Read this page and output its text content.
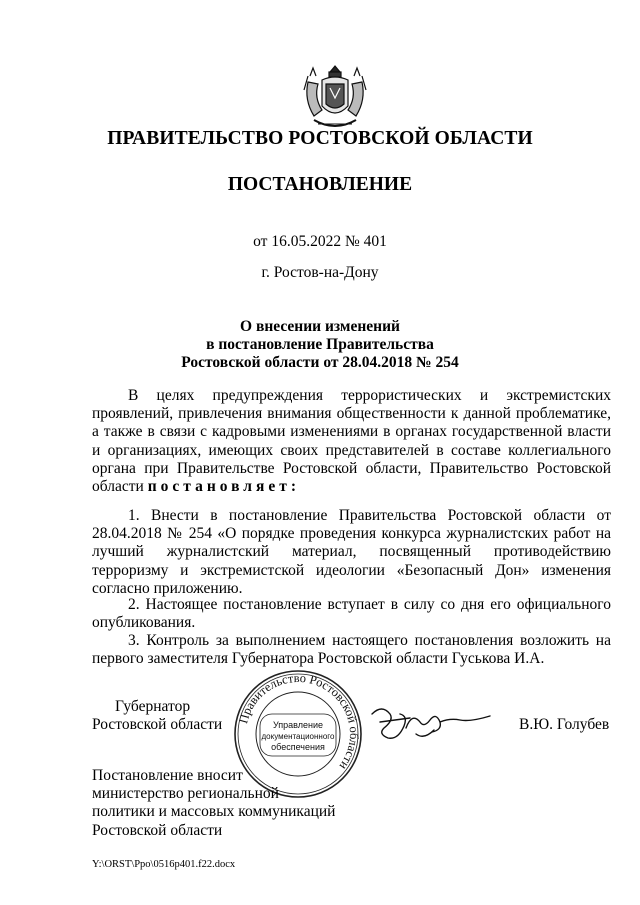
ПРАВИТЕЛЬСТВО РОСТОВСКОЙ ОБЛАСТИ
ПОСТАНОВЛЕНИЕ
от 16.05.2022 № 401
г. Ростов-на-Дону
О внесении изменений
в постановление Правительства
Ростовской области от 28.04.2018 № 254

В целях предупреждения террористических и экстремистских проявлений, привлечения внимания общественности к данной проблематике, а также в связи с кадровыми изменениями в органах государственной власти и организациях, имеющих своих представителей в составе коллегиального органа при Правительстве Ростовской области, Правительство Ростовской области постановляет:

1. Внести в постановление Правительства Ростовской области от 28.04.2018 № 254 «О порядке проведения конкурса журналистских работ на лучший журналистский материал, посвященный противодействию терроризму и экстремистской идеологии «Безопасный Дон» изменения согласно приложению.

2. Настоящее постановление вступает в силу со дня его официального опубликования.

3. Контроль за выполнением настоящего постановления возложить на первого заместителя Губернатора Ростовской области Гуськова И.А.

Губернатор
Ростовской области	В.Ю. Голубев
Правительство Ростовской области
Управление
документационного
обеспечения
Постановление вносит
министерство региональной
политики и массовых коммуникаций
Ростовской области
Y:\ORST\Ppo\0516p401.f22.docx
